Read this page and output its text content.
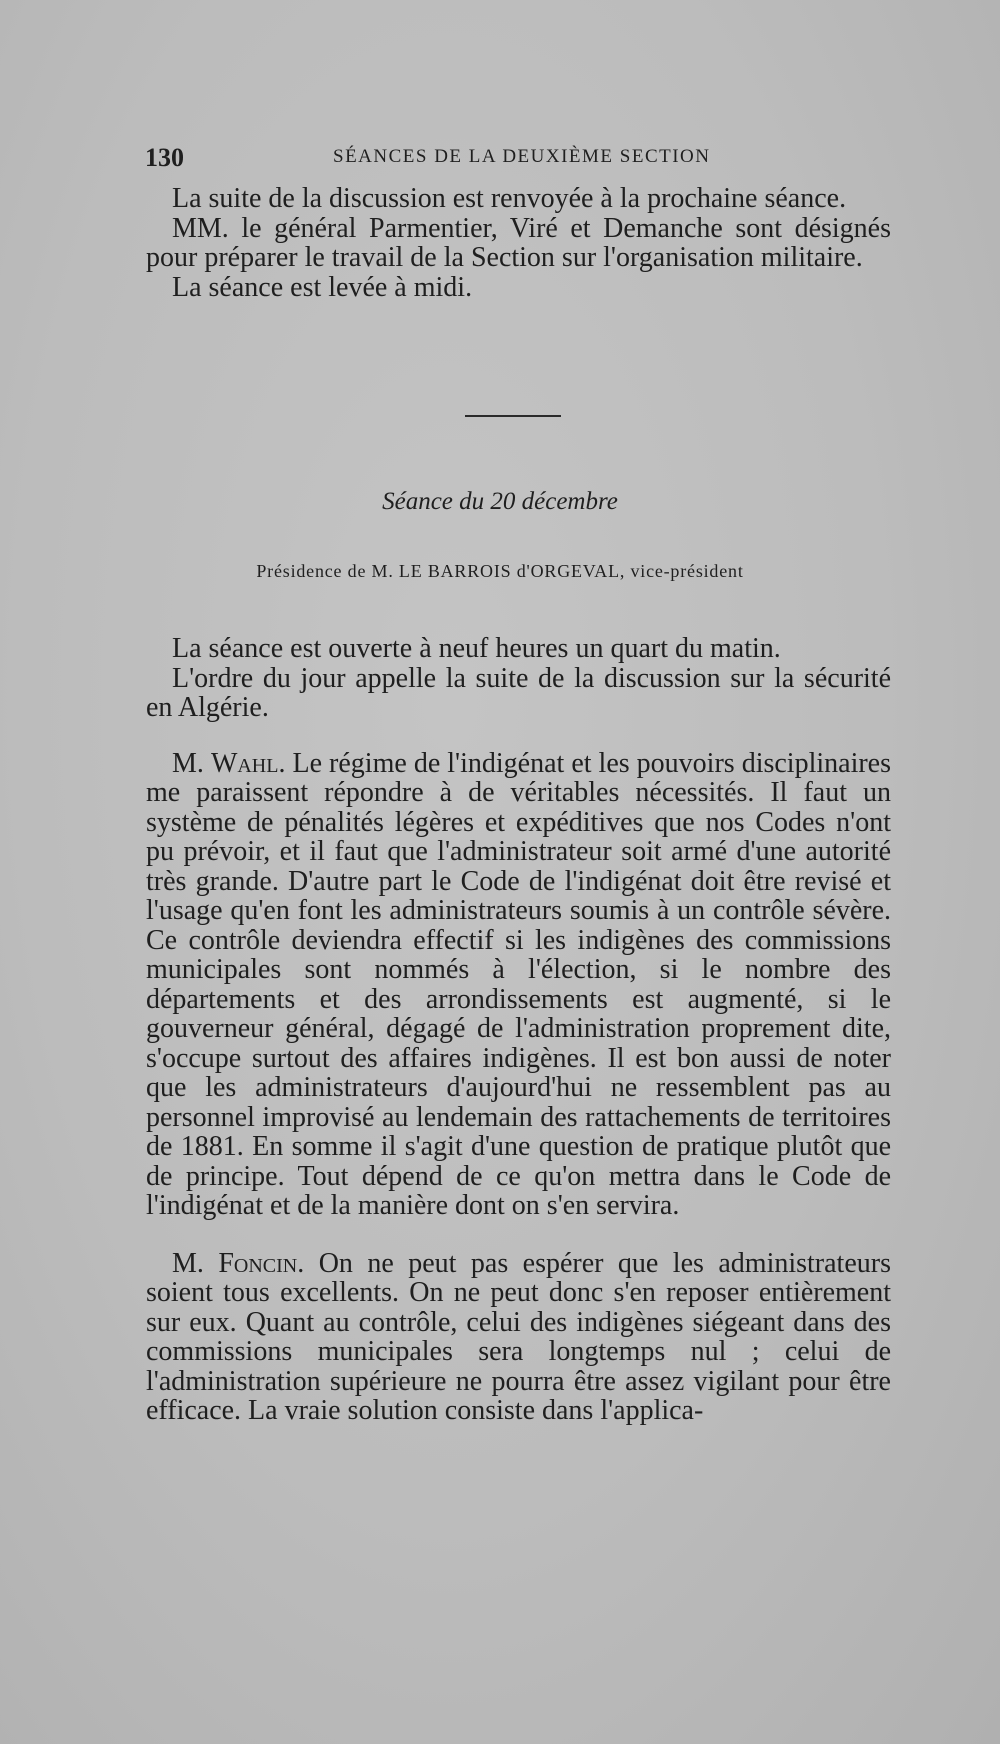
130	SÉANCES DE LA DEUXIÈME SECTION

La suite de la discussion est renvoyée à la prochaine séance.

MM. le général Parmentier, Viré et Demanche sont désignés pour préparer le travail de la Section sur l'organisation militaire.

La séance est levée à midi.

Séance du 20 décembre
Présidence de M. LE BARROIS d'ORGEVAL, vice-président

La séance est ouverte à neuf heures un quart du matin.

L'ordre du jour appelle la suite de la discussion sur la sécurité en Algérie.

M. Wahl. Le régime de l'indigénat et les pouvoirs disciplinaires me paraissent répondre à de véritables nécessités. Il faut un système de pénalités légères et expéditives que nos Codes n'ont pu prévoir, et il faut que l'administrateur soit armé d'une autorité très grande. D'autre part le Code de l'indigénat doit être revisé et l'usage qu'en font les administrateurs soumis à un contrôle sévère. Ce contrôle deviendra effectif si les indigènes des commissions municipales sont nommés à l'élection, si le nombre des départements et des arrondissements est augmenté, si le gouverneur général, dégagé de l'administration proprement dite, s'occupe surtout des affaires indigènes. Il est bon aussi de noter que les administrateurs d'aujourd'hui ne ressemblent pas au personnel improvisé au lendemain des rattachements de territoires de 1881. En somme il s'agit d'une question de pratique plutôt que de principe. Tout dépend de ce qu'on mettra dans le Code de l'indigénat et de la manière dont on s'en servira.

M. Foncin. On ne peut pas espérer que les administrateurs soient tous excellents. On ne peut donc s'en reposer entièrement sur eux. Quant au contrôle, celui des indigènes siégeant dans des commissions municipales sera longtemps nul ; celui de l'administration supérieure ne pourra être assez vigilant pour être efficace. La vraie solution consiste dans l'applica-
